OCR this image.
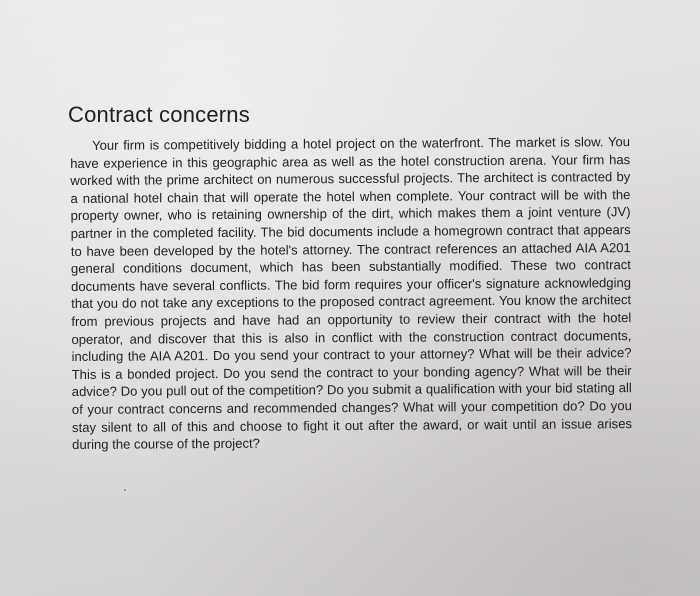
Contract concerns

Your firm is competitively bidding a hotel project on the waterfront. The market is slow. You have experience in this geographic area as well as the hotel construction arena. Your firm has worked with the prime architect on numerous successful projects. The architect is contracted by a national hotel chain that will operate the hotel when complete. Your contract will be with the property owner, who is retaining ownership of the dirt, which makes them a joint venture (JV) partner in the completed facility. The bid documents include a homegrown contract that appears to have been developed by the hotel's attorney. The contract references an attached AIA A201 general conditions document, which has been substantially modified. These two contract documents have several conflicts. The bid form requires your officer's signature acknowledging that you do not take any exceptions to the proposed contract agreement. You know the architect from previous projects and have had an opportunity to review their contract with the hotel operator, and discover that this is also in conflict with the construction contract documents, including the AIA A201. Do you send your contract to your attorney? What will be their advice? This is a bonded project. Do you send the contract to your bonding agency? What will be their advice? Do you pull out of the competition? Do you submit a qualification with your bid stating all of your contract concerns and recommended changes? What will your competition do? Do you stay silent to all of this and choose to fight it out after the award, or wait until an issue arises during the course of the project?
